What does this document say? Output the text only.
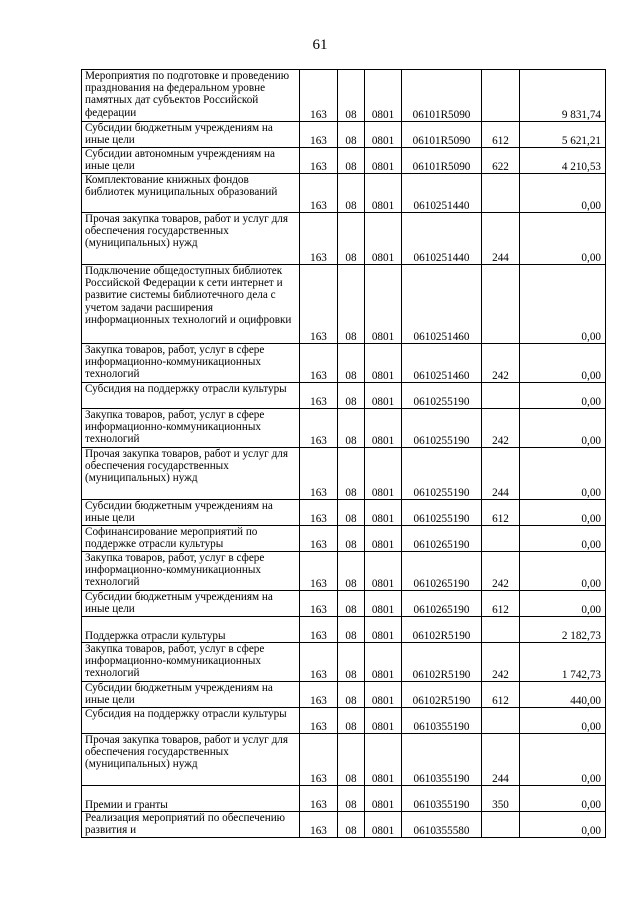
61
Мероприятия по подготовке и проведению празднования на федеральном уровне памятных дат субъектов Российской федерации	163	08	0801	06101R5090		9 831,74

Субсидии бюджетным учреждениям на иные цели	163	08	0801	06101R5090	612	5 621,21

Субсидии автономным учреждениям на иные цели	163	08	0801	06101R5090	622	4 210,53

Комплектование книжных фондов библиотек муниципальных образований	163	08	0801	0610251440		0,00

Прочая закупка товаров, работ и услуг для обеспечения государственных (муниципальных) нужд	163	08	0801	0610251440	244	0,00

Подключение общедоступных библиотек Российской Федерации к сети интернет и развитие системы библиотечного дела с учетом задачи расширения информационных технологий и оцифровки	163	08	0801	0610251460		0,00

Закупка товаров, работ, услуг в сфере информационно-коммуникационных технологий	163	08	0801	0610251460	242	0,00

Субсидия на поддержку отрасли культуры	163	08	0801	0610255190		0,00

Закупка товаров, работ, услуг в сфере информационно-коммуникационных технологий	163	08	0801	0610255190	242	0,00

Прочая закупка товаров, работ и услуг для обеспечения государственных (муниципальных) нужд	163	08	0801	0610255190	244	0,00

Субсидии бюджетным учреждениям на иные цели	163	08	0801	0610255190	612	0,00

Софинансирование мероприятий по поддержке отрасли культуры	163	08	0801	0610265190		0,00

Закупка товаров, работ, услуг в сфере информационно-коммуникационных технологий	163	08	0801	0610265190	242	0,00

Субсидии бюджетным учреждениям на иные цели	163	08	0801	0610265190	612	0,00

Поддержка отрасли культуры	163	08	0801	06102R5190		2 182,73

Закупка товаров, работ, услуг в сфере информационно-коммуникационных технологий	163	08	0801	06102R5190	242	1 742,73

Субсидии бюджетным учреждениям на иные цели	163	08	0801	06102R5190	612	440,00

Субсидия на поддержку отрасли культуры	163	08	0801	0610355190		0,00

Прочая закупка товаров, работ и услуг для обеспечения государственных (муниципальных) нужд	163	08	0801	0610355190	244	0,00

Премии и гранты	163	08	0801	0610355190	350	0,00

Реализация мероприятий по обеспечению развития и	163	08	0801	0610355580		0,00
